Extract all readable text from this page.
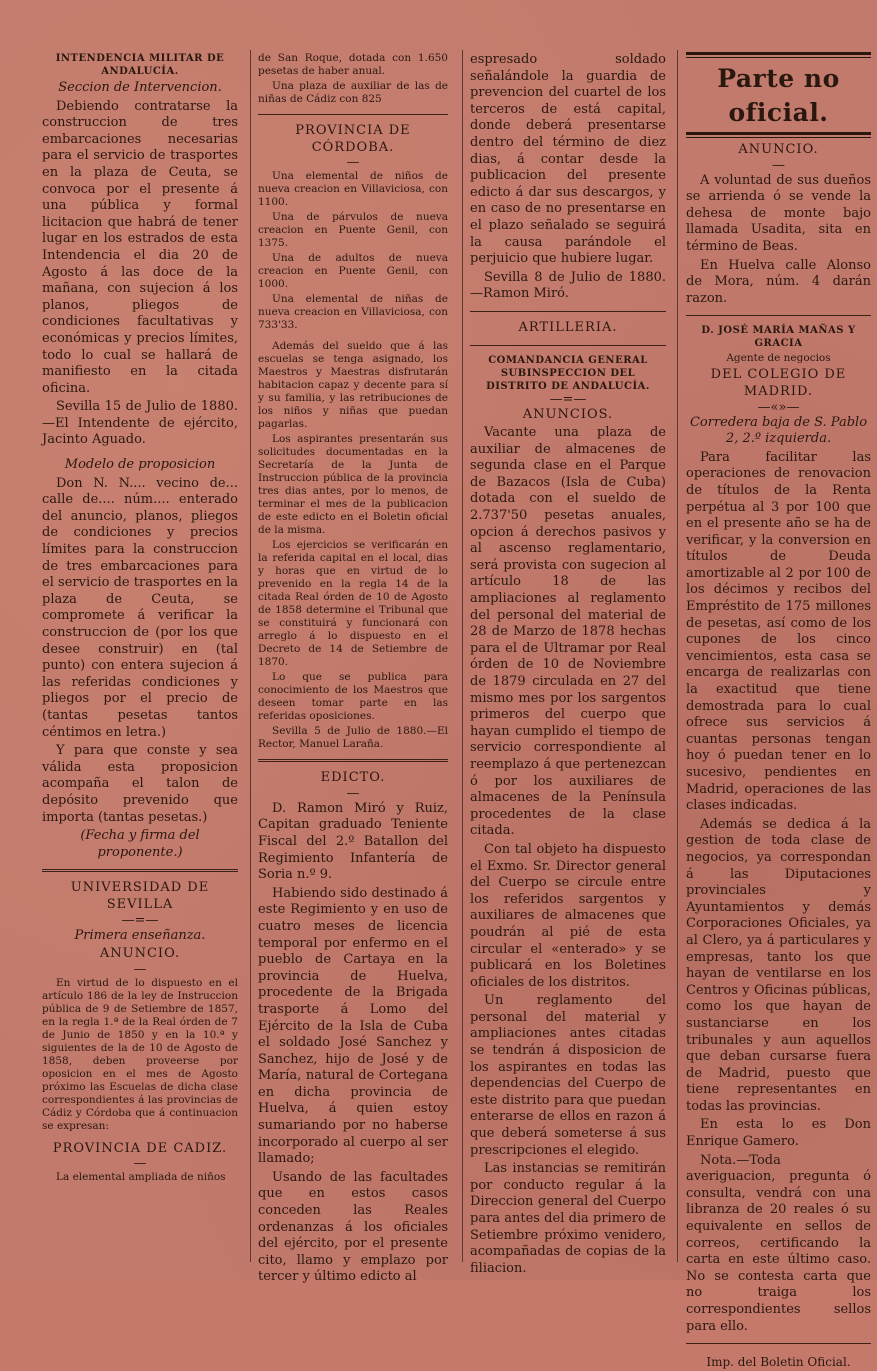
INTENDENCIA MILITAR DE ANDALUCÍA.

Seccion de Intervencion.

Debiendo contratarse la construccion de tres embarcaciones necesarias para el servicio de trasportes en la plaza de Ceuta, se convoca por el presente á una pública y formal licitacion que habrá de tener lugar en los estrados de esta Intendencia el dia 20 de Agosto á las doce de la mañana, con sujecion á los planos, pliegos de condiciones facultativas y económicas y precios límites, todo lo cual se hallará de manifiesto en la citada oficina.

Sevilla 15 de Julio de 1880.—El Intendente de ejército, Jacinto Aguado.

Modelo de proposicion

Don N. N.... vecino de... calle de.... núm.... enterado del anuncio, planos, pliegos de condiciones y precios límites para la construccion de tres embarcaciones para el servicio de trasportes en la plaza de Ceuta, se compromete á verificar la construccion de (por los que desee construir) en (tal punto) con entera sujecion á las referidas condiciones y pliegos por el precio de (tantas pesetas tantos céntimos en letra.)

Y para que conste y sea válida esta proposicion acompaña el talon de depósito prevenido que importa (tantas pesetas.)

(Fecha y firma del proponente.)

UNIVERSIDAD DE SEVILLA

—=—

Primera enseñanza.

ANUNCIO.

—

En virtud de lo dispuesto en el artículo 186 de la ley de Instruccion pública de 9 de Setiembre de 1857, en la regla 1.ª de la Real órden de 7 de Junio de 1850 y en la 10.ª y siguientes de la de 10 de Agosto de 1858, deben proveerse por oposicion en el mes de Agosto próximo las Escuelas de dicha clase correspondientes á las provincias de Cádiz y Córdoba que á continuacion se expresan:

PROVINCIA DE CADIZ.

—

La elemental ampliada de niños

de San Roque, dotada con 1.650 pesetas de haber anual.

Una plaza de auxiliar de las de niñas de Cádiz con 825

PROVINCIA DE CÓRDOBA.

—

Una elemental de niños de nueva creacion en Villaviciosa, con 1100.

Una de párvulos de nueva creacion en Puente Genil, con 1375.

Una de adultos de nueva creacion en Puente Genil, con 1000.

Una elemental de niñas de nueva creacion en Villaviciosa, con 733'33.

Además del sueldo que á las escuelas se tenga asignado, los Maestros y Maestras disfrutarán habitacion capaz y decente para sí y su familia, y las retribuciones de los niños y niñas que puedan pagarlas.

Los aspirantes presentarán sus solicitudes documentadas en la Secretaría de la Junta de Instruccion pública de la provincia tres dias antes, por lo menos, de terminar el mes de la publicacion de este edicto en el Boletin oficial de la misma.

Los ejercicios se verificarán en la referida capital en el local, dias y horas que en virtud de lo prevenido en la regla 14 de la citada Real órden de 10 de Agosto de 1858 determine el Tribunal que se constituirá y funcionará con arreglo á lo dispuesto en el Decreto de 14 de Setiembre de 1870.

Lo que se publica para conocimiento de los Maestros que deseen tomar parte en las referidas oposiciones.

Sevilla 5 de Julio de 1880.—El Rector, Manuel Laraña.

EDICTO.

—

D. Ramon Miró y Ruiz, Capitan graduado Teniente Fiscal del 2.º Batallon del Regimiento Infantería de Soria n.º 9.

Habiendo sido destinado á este Regimiento y en uso de cuatro meses de licencia temporal por enfermo en el pueblo de Cartaya en la provincia de Huelva, procedente de la Brigada trasporte á Lomo del Ejército de la Isla de Cuba el soldado José Sanchez y Sanchez, hijo de José y de María, natural de Cortegana en dicha provincia de Huelva, á quien estoy sumariando por no haberse incorporado al cuerpo al ser llamado;

Usando de las facultades que en estos casos conceden las Reales ordenanzas á los oficiales del ejército, por el presente cito, llamo y emplazo por tercer y último edicto al

espresado soldado señalándole la guardia de prevencion del cuartel de los terceros de está capital, donde deberá presentarse dentro del término de diez dias, á contar desde la publicacion del presente edicto á dar sus descargos, y en caso de no presentarse en el plazo señalado se seguirá la causa parándole el perjuicio que hubiere lugar.

Sevilla 8 de Julio de 1880.—Ramon Miró.

ARTILLERIA.

COMANDANCIA GENERAL SUBINSPECCION DEL DISTRITO DE ANDALUCÍA.

—=—

ANUNCIOS.

Vacante una plaza de auxiliar de almacenes de segunda clase en el Parque de Bazacos (Isla de Cuba) dotada con el sueldo de 2.737'50 pesetas anuales, opcion á derechos pasivos y al ascenso reglamentario, será provista con sugecion al artículo 18 de las ampliaciones al reglamento del personal del material de 28 de Marzo de 1878 hechas para el de Ultramar por Real órden de 10 de Noviembre de 1879 circulada en 27 del mismo mes por los sargentos primeros del cuerpo que hayan cumplido el tiempo de servicio correspondiente al reemplazo á que pertenezcan ó por los auxiliares de almacenes de la Península procedentes de la clase citada.

Con tal objeto ha dispuesto el Exmo. Sr. Director general del Cuerpo se circule entre los referidos sargentos y auxiliares de almacenes que poudrán al pié de esta circular el «enterado» y se publicará en los Boletines oficiales de los distritos.

Un reglamento del personal del material y ampliaciones antes citadas se tendrán á disposicion de los aspirantes en todas las dependencias del Cuerpo de este distrito para que puedan enterarse de ellos en razon á que deberá someterse á sus prescripciones el elegido.

Las instancias se remitirán por conducto regular á la Direccion general del Cuerpo para antes del dia primero de Setiembre próximo venidero, acompañadas de copias de la filiacion.

Parte no oficial.

ANUNCIO.

—

A voluntad de sus dueños se arrienda ó se vende la dehesa de monte bajo llamada Usadita, sita en término de Beas.

En Huelva calle Alonso de Mora, núm. 4 darán razon.

D. JOSÉ MARÍA MAÑAS Y GRACIA

Agente de negocios

DEL COLEGIO DE MADRID.

—«»—

Corredera baja de S. Pablo 2, 2.º izquierda.

Para facilitar las operaciones de renovacion de títulos de la Renta perpétua al 3 por 100 que en el presente año se ha de verificar, y la conversion en títulos de Deuda amortizable al 2 por 100 de los décimos y recibos del Empréstito de 175 millones de pesetas, así como de los cupones de los cinco vencimientos, esta casa se encarga de realizarlas con la exactitud que tiene demostrada para lo cual ofrece sus servicios á cuantas personas tengan hoy ó puedan tener en lo sucesivo, pendientes en Madrid, operaciones de las clases indicadas.

Además se dedica á la gestion de toda clase de negocios, ya correspondan á las Diputaciones provinciales y Ayuntamientos y demás Corporaciones Oficiales, ya al Clero, ya á particulares y empresas, tanto los que hayan de ventilarse en los Centros y Oficinas públicas, como los que hayan de sustanciarse en los tribunales y aun aquellos que deban cursarse fuera de Madrid, puesto que tiene representantes en todas las provincias.

En esta lo es Don Enrique Gamero.

Nota.—Toda averiguacion, pregunta ó consulta, vendrá con una libranza de 20 reales ó su equivalente en sellos de correos, certificando la carta en este último caso. No se contesta carta que no traiga los correspondientes sellos para ello.

Imp. del Boletin Oficial.
